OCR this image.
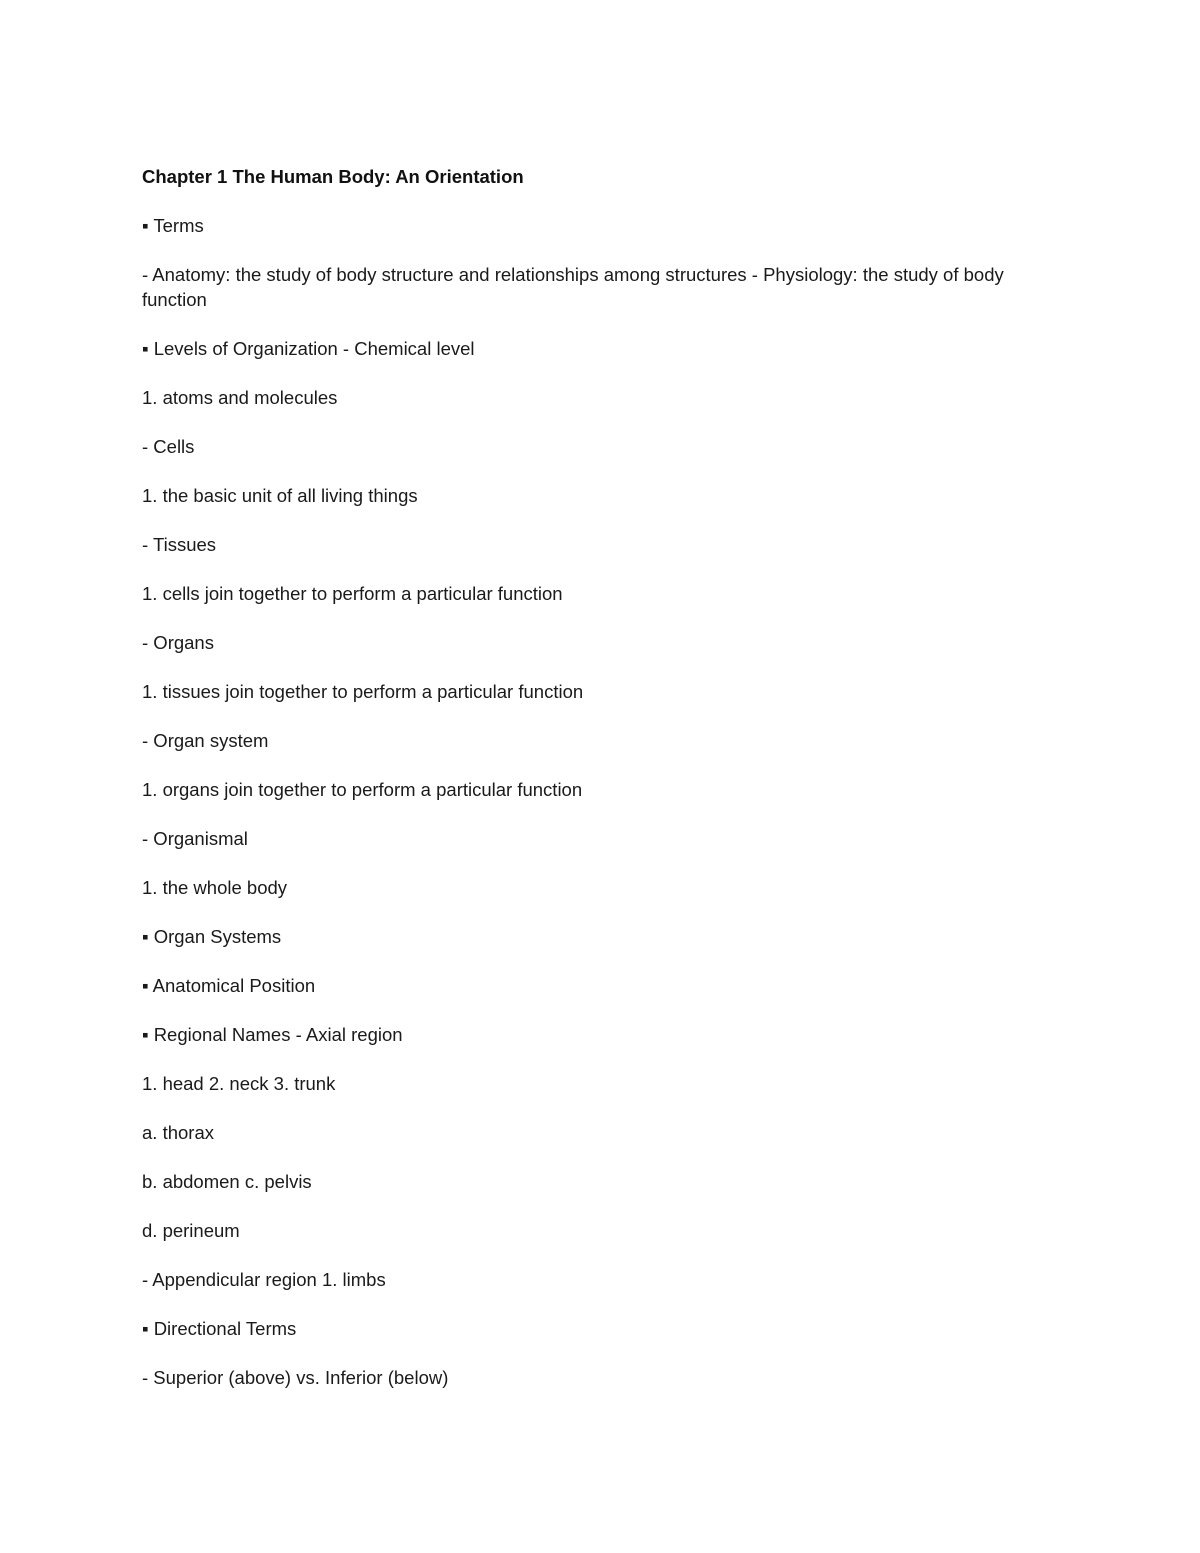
Chapter 1 The Human Body: An Orientation
▪ Terms
- Anatomy: the study of body structure and relationships among structures - Physiology: the study of body function
▪ Levels of Organization - Chemical level
1. atoms and molecules
- Cells
1. the basic unit of all living things
- Tissues
1. cells join together to perform a particular function
- Organs
1. tissues join together to perform a particular function
- Organ system
1. organs join together to perform a particular function
- Organismal
1. the whole body
▪ Organ Systems
▪ Anatomical Position
▪ Regional Names - Axial region
1. head 2. neck 3. trunk
a. thorax
b. abdomen c. pelvis
d. perineum
- Appendicular region 1. limbs
▪ Directional Terms
- Superior (above) vs. Inferior (below)
